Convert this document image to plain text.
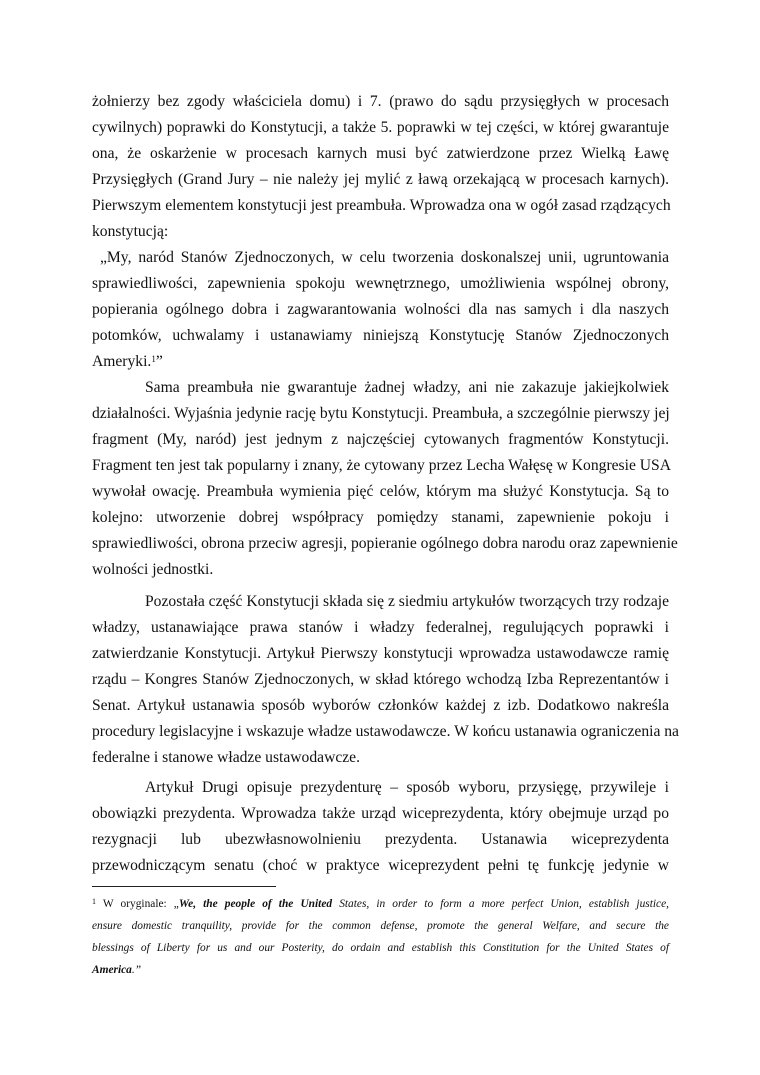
żołnierzy bez zgody właściciela domu) i 7. (prawo do sądu przysięgłych w procesach
cywilnych) poprawki do Konstytucji, a także 5. poprawki w tej części, w której gwarantuje
ona, że oskarżenie w procesach karnych musi być zatwierdzone przez Wielką Ławę
Przysięgłych (Grand Jury – nie należy jej mylić z ławą orzekającą w procesach karnych).
Pierwszym elementem konstytucji jest preambuła. Wprowadza ona w ogół zasad rządzących
konstytucją:
„My, naród Stanów Zjednoczonych, w celu tworzenia doskonalszej unii, ugruntowania
sprawiedliwości, zapewnienia spokoju wewnętrznego, umożliwienia wspólnej obrony,
popierania ogólnego dobra i zagwarantowania wolności dla nas samych i dla naszych
potomków, uchwalamy i ustanawiamy niniejszą Konstytucję Stanów Zjednoczonych
Ameryki.$^1$”
Sama preambuła nie gwarantuje żadnej władzy, ani nie zakazuje jakiejkolwiek
działalności. Wyjaśnia jedynie rację bytu Konstytucji. Preambuła, a szczególnie pierwszy jej
fragment (My, naród) jest jednym z najczęściej cytowanych fragmentów Konstytucji.
Fragment ten jest tak popularny i znany, że cytowany przez Lecha Wałęsę w Kongresie USA
wywołał owację. Preambuła wymienia pięć celów, którym ma służyć Konstytucja. Są to
kolejno: utworzenie dobrej współpracy pomiędzy stanami, zapewnienie pokoju i
sprawiedliwości, obrona przeciw agresji, popieranie ogólnego dobra narodu oraz zapewnienie
wolności jednostki.
Pozostała część Konstytucji składa się z siedmiu artykułów tworzących trzy rodzaje
władzy, ustanawiające prawa stanów i władzy federalnej, regulujących poprawki i
zatwierdzanie Konstytucji. Artykuł Pierwszy konstytucji wprowadza ustawodawcze ramię
rządu – Kongres Stanów Zjednoczonych, w skład którego wchodzą Izba Reprezentantów i
Senat. Artykuł ustanawia sposób wyborów członków każdej z izb. Dodatkowo nakreśla
procedury legislacyjne i wskazuje władze ustawodawcze. W końcu ustanawia ograniczenia na
federalne i stanowe władze ustawodawcze.
Artykuł Drugi opisuje prezydenturę – sposób wyboru, przysięgę, przywileje i
obowiązki prezydenta. Wprowadza także urząd wiceprezydenta, który obejmuje urząd po
rezygnacji lub ubezwłasnowolnieniu prezydenta. Ustanawia wiceprezydenta
przewodniczącym senatu (choć w praktyce wiceprezydent pełni tę funkcję jedynie w
$^1$ W oryginale: „We, the people of the United States, in order to form a more perfect Union, establish justice,
ensure domestic tranquility, provide for the common defense, promote the general Welfare, and secure the
blessings of Liberty for us and our Posterity, do ordain and establish this Constitution for the United States of
America.”
